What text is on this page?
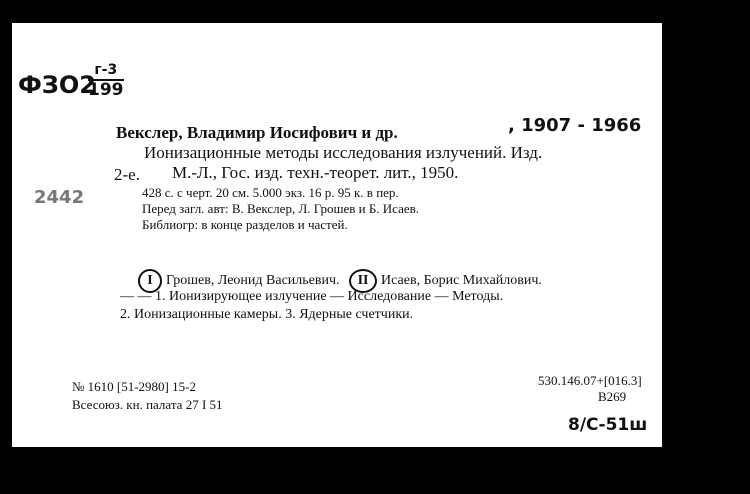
ФЗО2
г-3
199
Векслер, Владимир Иосифович и др.	, 1907 - 1966
Ионизационные методы исследования излучений. Изд.
2-е. М.-Л., Гос. изд. техн.-теорет. лит., 1950.
2442	428 с. с черт. 20 см. 5.000 экз. 16 р. 95 к. в пер.
Перед загл. авт: В. Векслер, Л. Грошев и Б. Исаев.
Библиогр: в конце разделов и частей.
I Грошев, Леонид Васильевич. II Исаев, Борис Михайлович.
— — 1. Ионизирующее излучение — Исследование — Методы.
2. Ионизационные камеры. 3. Ядерные счетчики.
№ 1610 [51-2980] 15-2
Всесоюз. кн. палата 27 I 51
530.146.07+[016.3]
В269
8/С-51ш
